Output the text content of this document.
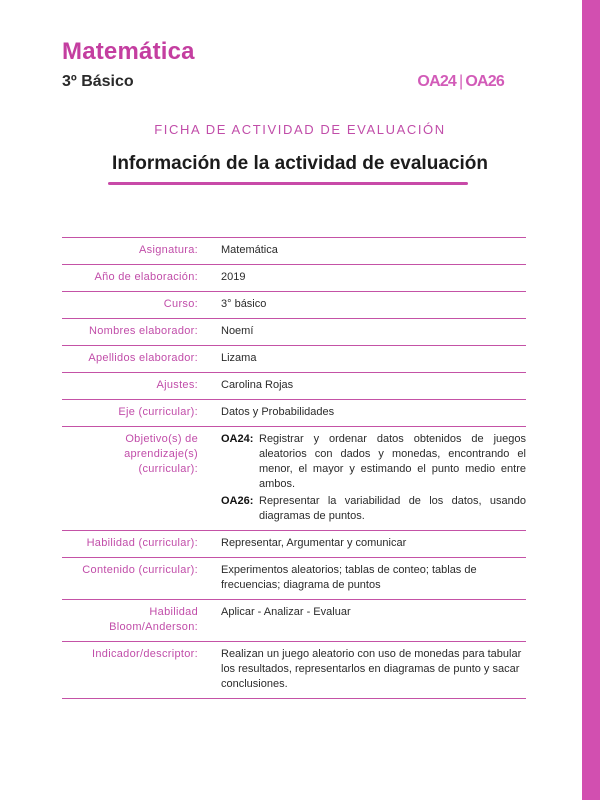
Matemática
3º Básico	OA24 | OA26
FICHA DE ACTIVIDAD DE EVALUACIÓN
Información de la actividad de evaluación
Asignatura:	Matemática
Año de elaboración:	2019
Curso:	3° básico
Nombres elaborador:	Noemí
Apellidos elaborador:	Lizama
Ajustes:	Carolina Rojas
Eje (curricular):	Datos y Probabilidades
Objetivo(s) de aprendizaje(s) (curricular):	OA24: Registrar y ordenar datos obtenidos de juegos aleatorios con dados y monedas, encontrando el menor, el mayor y estimando el punto medio entre ambos.
OA26: Representar la variabilidad de los datos, usando diagramas de puntos.

Habilidad (curricular):	Representar, Argumentar y comunicar
Contenido (curricular):	Experimentos aleatorios; tablas de conteo; tablas de frecuencias; diagrama de puntos
Habilidad Bloom/Anderson:	Aplicar - Analizar - Evaluar
Indicador/descriptor:	Realizan un juego aleatorio con uso de monedas para tabular los resultados, representarlos en diagramas de punto y sacar conclusiones.
